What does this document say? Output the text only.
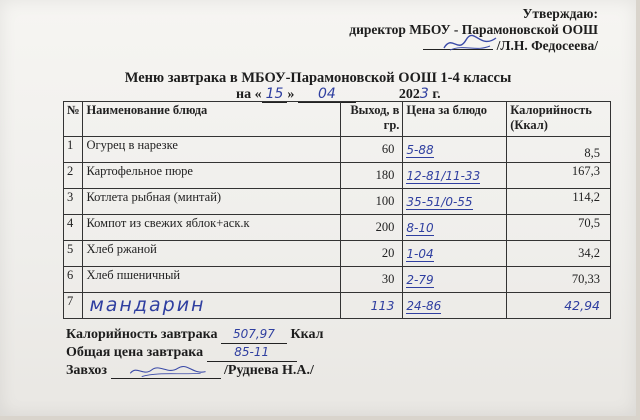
Утверждаю:
директор МБОУ - Парамоновской ООШ
/Л.Н. Федосеева/
Меню завтрака в МБОУ-Парамоновской ООШ 1-4 классы
на « 15 » 04	2023 г.
№	Наименование блюда	Выход, в гр.	Цена за блюдо	Калорийность (Ккал)
1	Огурец в нарезке	60	5-88	8,5
2	Картофельное пюре	180	12-81/11-33	167,3
3	Котлета рыбная (минтай)	100	35-51/0-55	114,2
4	Компот из свежих яблок+аск.к	200	8-10	70,5
5	Хлеб ржаной	20	1-04	34,2
6	Хлеб пшеничный	30	2-79	70,33
7	мандарин	113	24-86	42,94
Калорийность завтрака 507,97 Ккал
Общая цена завтрака	85-11
Завхоз	/Руднева Н.А./
